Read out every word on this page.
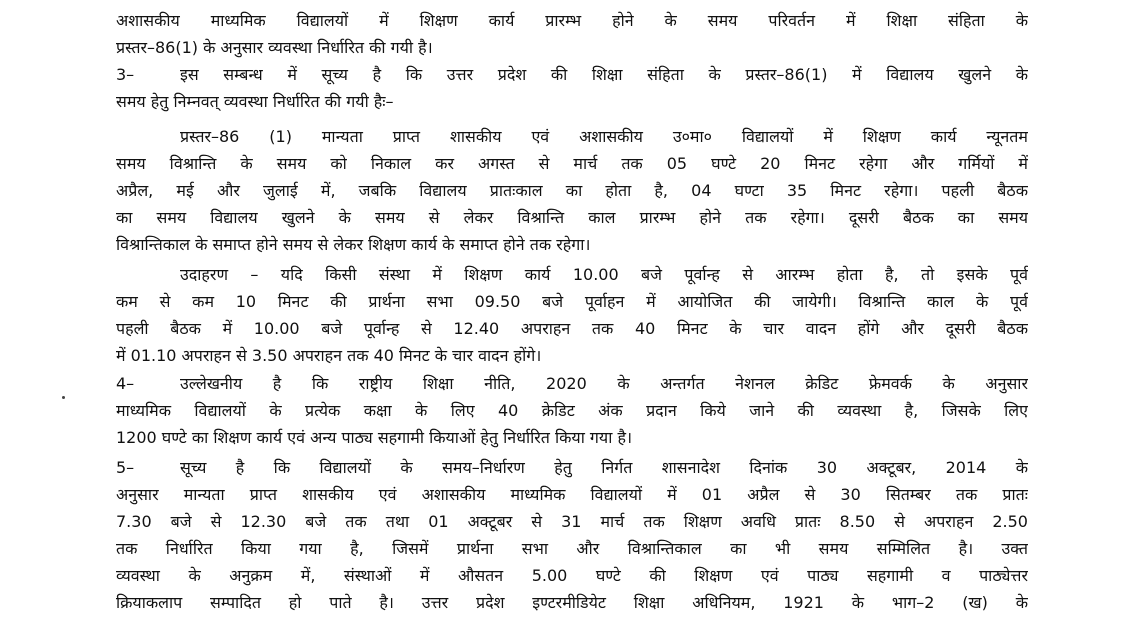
अशासकीय माध्यमिक विद्यालयों में शिक्षण कार्य प्रारम्भ होने के समय परिवर्तन में शिक्षा संहिता के
प्रस्तर–86(1) के अनुसार व्यवस्था निर्धारित की गयी है।
3–	इस सम्बन्ध में सूच्य है कि उत्तर प्रदेश की शिक्षा संहिता के प्रस्तर–86(1) में विद्यालय खुलने के
समय हेतु निम्नवत् व्यवस्था निर्धारित की गयी हैः–
प्रस्तर–86 (1) मान्यता प्राप्त शासकीय एवं अशासकीय उ०मा० विद्यालयों में शिक्षण कार्य न्यूनतम
समय विश्रान्ति के समय को निकाल कर अगस्त से मार्च तक 05 घण्टे 20 मिनट रहेगा और गर्मियों में
अप्रैल, मई और जुलाई में, जबकि विद्यालय प्रातःकाल का होता है, 04 घण्टा 35 मिनट रहेगा। पहली बैठक
का समय विद्यालय खुलने के समय से लेकर विश्रान्ति काल प्रारम्भ होने तक रहेगा। दूसरी बैठक का समय
विश्रान्तिकाल के समाप्त होने समय से लेकर शिक्षण कार्य के समाप्त होने तक रहेगा।
उदाहरण – यदि किसी संस्था में शिक्षण कार्य 10.00 बजे पूर्वान्ह से आरम्भ होता है, तो इसके पूर्व
कम से कम 10 मिनट की प्रार्थना सभा 09.50 बजे पूर्वाहन में आयोजित की जायेगी। विश्रान्ति काल के पूर्व
पहली बैठक में 10.00 बजे पूर्वान्ह से 12.40 अपराहन तक 40 मिनट के चार वादन होंगे और दूसरी बैठक
में 01.10 अपराहन से 3.50 अपराहन तक 40 मिनट के चार वादन होंगे।
4–	उल्लेखनीय है कि राष्ट्रीय शिक्षा नीति, 2020 के अन्तर्गत नेशनल क्रेडिट फ्रेमवर्क के अनुसार
माध्यमिक विद्यालयों के प्रत्येक कक्षा के लिए 40 क्रेडिट अंक प्रदान किये जाने की व्यवस्था है, जिसके लिए
1200 घण्टे का शिक्षण कार्य एवं अन्य पाठ्य सहगामी कियाओं हेतु निर्धारित किया गया है।
5–	सूच्य है कि विद्यालयों के समय–निर्धारण हेतु निर्गत शासनादेश दिनांक 30 अक्टूबर, 2014 के
अनुसार मान्यता प्राप्त शासकीय एवं अशासकीय माध्यमिक विद्यालयों में 01 अप्रैल से 30 सितम्बर तक प्रातः
7.30 बजे से 12.30 बजे तक तथा 01 अक्टूबर से 31 मार्च तक शिक्षण अवधि प्रातः 8.50 से अपराहन 2.50
तक निर्धारित किया गया है, जिसमें प्रार्थना सभा और विश्रान्तिकाल का भी समय सम्मिलित है। उक्त
व्यवस्था के अनुक्रम में, संस्थाओं में औसतन 5.00 घण्टे की शिक्षण एवं पाठ्य सहगामी व पाठ्येत्तर
क्रियाकलाप सम्पादित हो पाते है। उत्तर प्रदेश इण्टरमीडियेट शिक्षा अधिनियम, 1921 के भाग–2 (ख) के
